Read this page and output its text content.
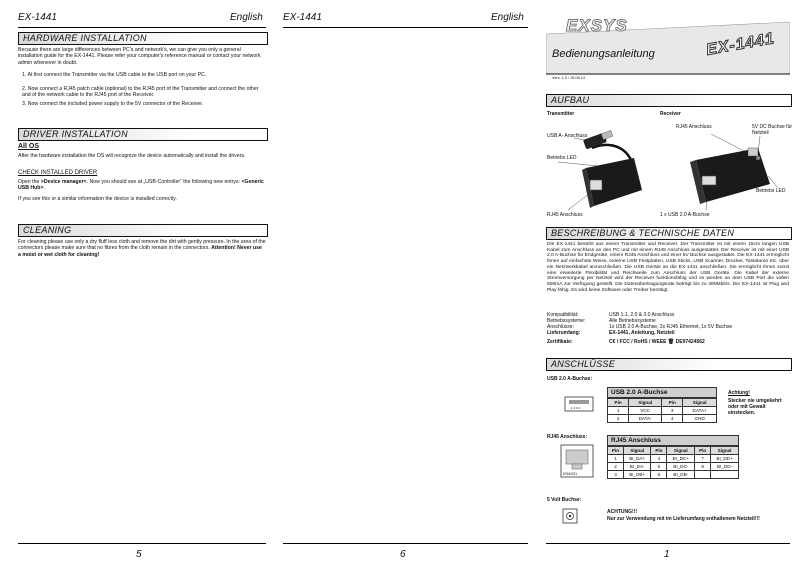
EX-1441	English
HARDWARE INSTALLATION
Because there are large differences between PC's and network's, we can give you only a general installation guide for the EX-1441. Please refer your computer's reference manual or contact your network admin whenever in doubt.
1. At first connect the Transmitter via the USB cable to the USB port on your PC.
2. Now connect a RJ45 patch cable (optional) to the RJ45 port of the Transmitter and connect the other and of the network cable to the RJ45 port of the Receiver.
3. Now connect the included power supply to the 5V connector of the Receiver.
DRIVER INSTALLATION
All OS
After the hardware installation the OS will recognize the device automatically and install the drivers.
CHECK INSTALLED DRIVER
Open the >Device manager<. Now you should see at „USB-Controller“ the following new entrys: <Generic USB Hub>.
If you see this or a similar information the device is installed correctly.
CLEANING
For cleaning please use only a dry fluff less cloth and remove the dirt with gently pressure. In the area of the connectors please make sure that no fibres from the cloth remain in the connectors. Attention! Never use a moist or wet cloth for cleaning!
5
EX-1441	English
6
EXSYS
Bedienungsanleitung	EX-1441
Vers. 1.0 / 15.08.14
AUFBAU
Transmitter	Receiver
USB A- Anschluss
Betriebs LED
RJ45 Anschluss
RJ45 Anschluss	5V DC Buchse für Netzteil
Betriebs LED
1 x USB 2.0 A-Buchse
BESCHREIBUNG & TECHNISCHE DATEN
Die EX-1441 besteht aus einem Transmitter und Receiver. Der Transmitter ist mit einem 15cm langen USB Kabel zum Anschluss an den PC und mit einem RJ45 Anschluss ausgestattet. Der Receiver ist mit einer USB 2.0 A-Buchse für Endgeräte, einem RJ45 Anschluss und einer 5V Buchse ausgestattet. Die EX-1441 ermöglicht Ihnen auf einfachste Weise, externe USB Festplatten, USB Sticks, USB Scanner, Drucker, Tastaturen etc. über ein Netzwerkkabel anzuschließen. Die USB Geräte an die EX-1441 anschließen. Sie ermöglicht Ihnen somit eine erweiterte Flexibilität und Reichweite zum Anschluss der USB Geräte. Die Kabel der externe Stromversorgung per Netzteil wird der Receiver funktionsfähig und es werden an dem USB Port die vollen 500mA zur Verfügung gestellt. Die Datenübertragungsrate beträgt bis zu 480Mbit/s. Die EX-1441 ist Plug and Play fähig. Es wird keine Software oder Treiber benötigt.
Kompatibilität:	USB 1.1, 2.0 & 3.0 Anschluss
Betriebssysteme:	Alle Betriebssysteme
Anschlüsse:	1x USB 2.0 A-Buchse, 2x RJ45 Ethernet, 1x 5V Buchse
Lieferumfang:	EX-1441, Anleitung, Netzteil
Zertifikate:	C€ / FCC / RoHS / WEEE 🗑 DE97424562
ANSCHLÜSSE
USB 2.0 A-Buchse:
1 2 3 4
USB 2.0 A-Buchse
Pin	Signal	Pin	Signal
1	VCC	3	DATA+
2	DATA-	4	GND
Achtung!
Stecker nie umgekehrt oder mit Gewalt einstecken.
RJ45 Anschluss:
87654321
RJ45 Anschluss
Pin	Signal	Pin	Signal	Pin	Signal
1	BI_DA+	4	BI_DC+	7	BI_DD+
2	BI_DA-	5	BI_DC-	8	BI_DD-
3	BI_DB+	6	BI_DB-		
5 Volt Buchse:
ACHTUNG!!!
Nur zur Verwendung mit im Lieferumfang enthaltenem Netzteil!!!
1
